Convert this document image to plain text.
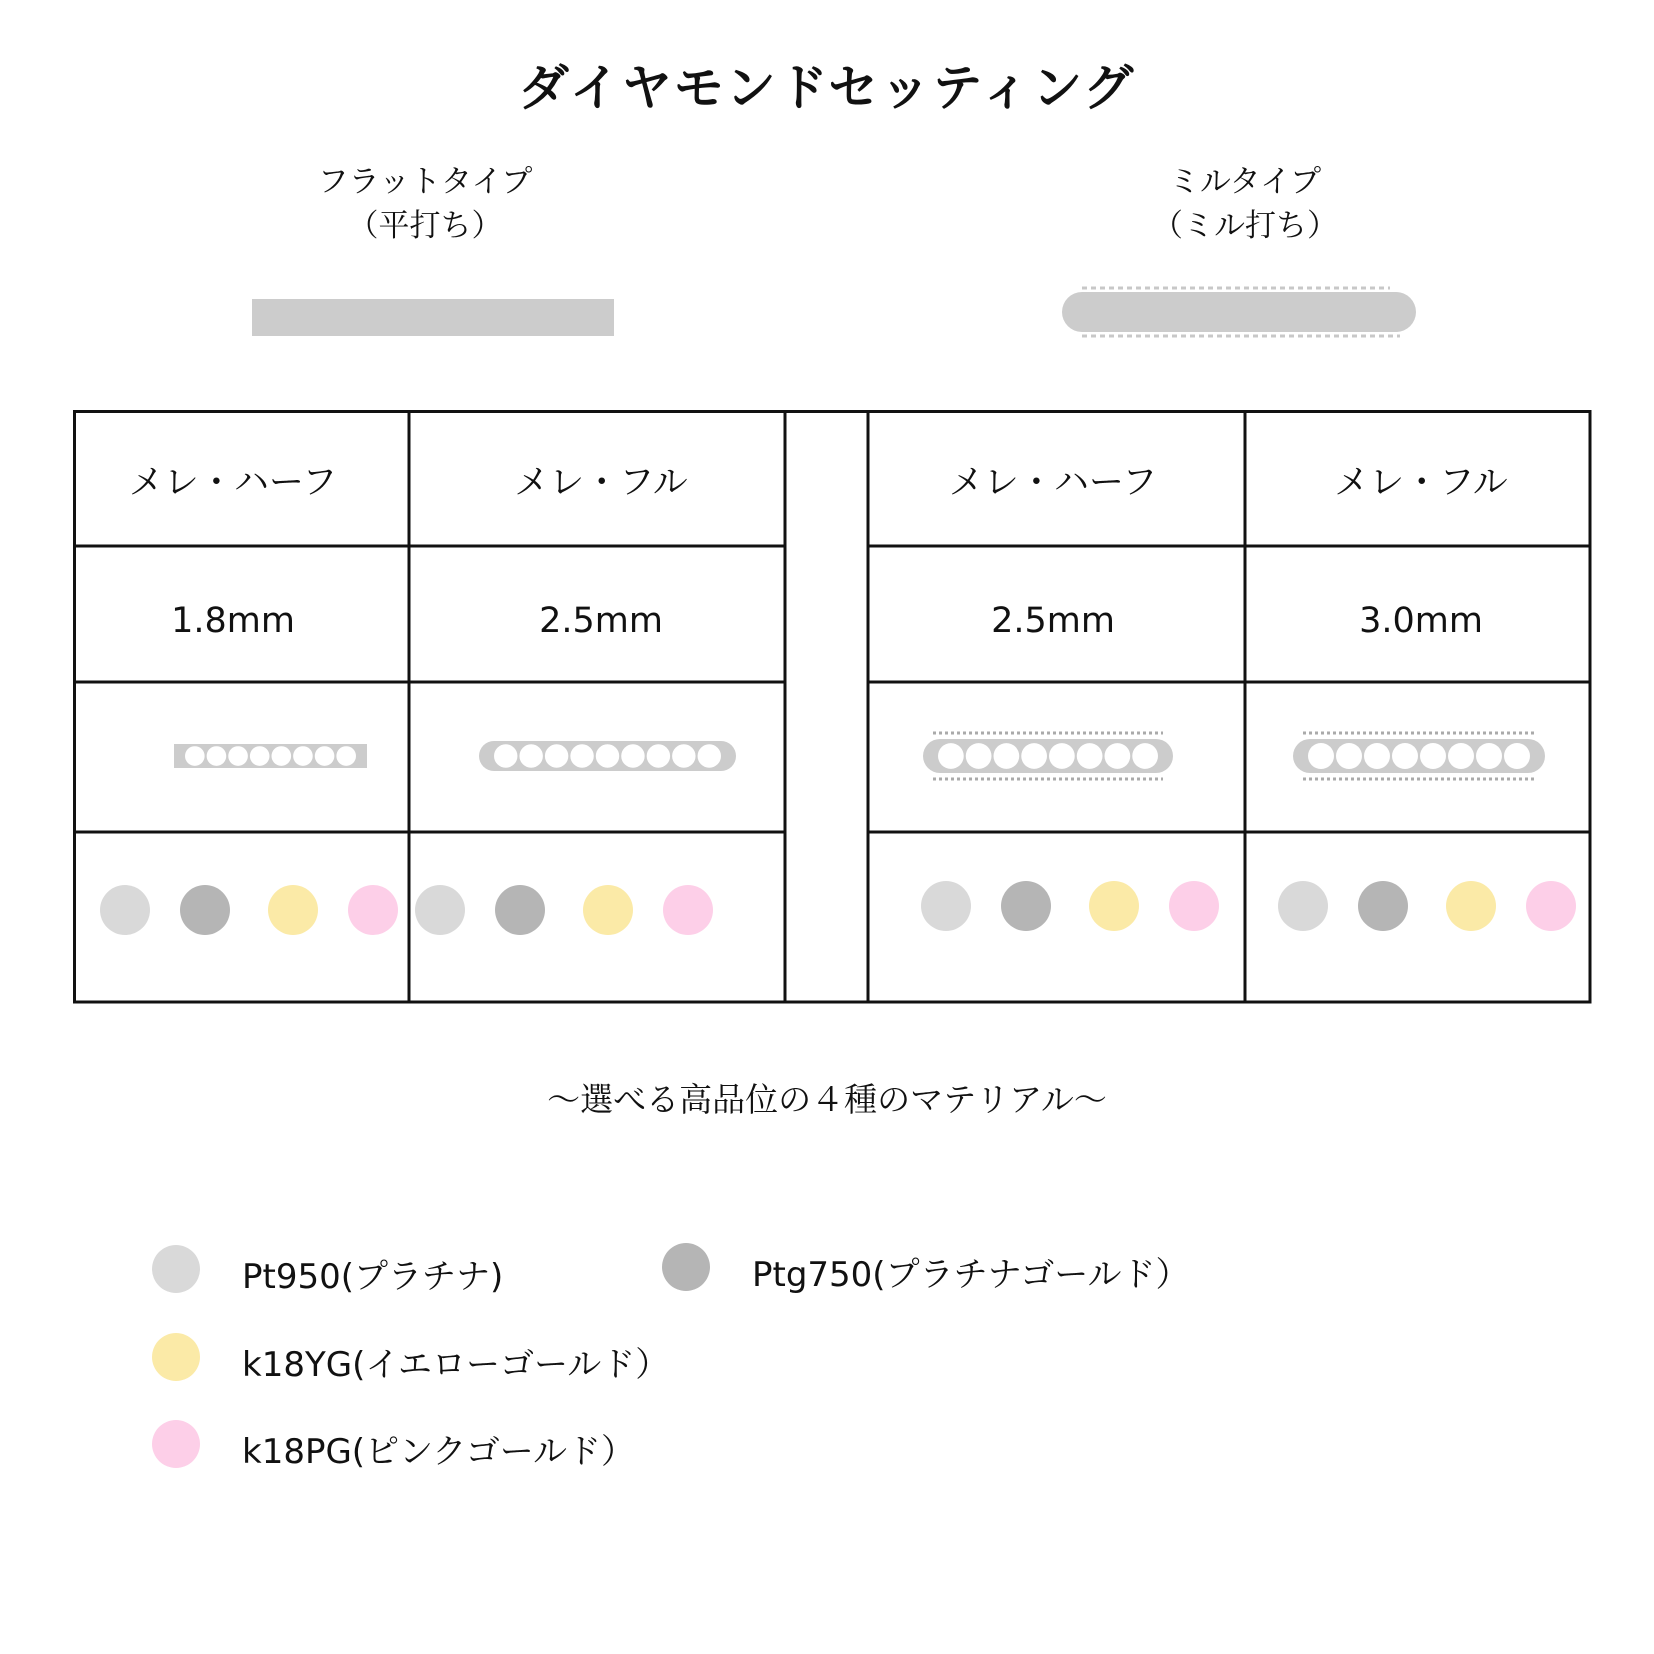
ダイヤモンドセッティング
フラットタイプ
（平打ち）
ミルタイプ
（ミル打ち）
メレ・ハーフ
1.8mm
メレ・フル
2.5mm
メレ・ハーフ
2.5mm
メレ・フル
3.0mm
～選べる高品位の４種のマテリアル～
Pt950(プラチナ)	Ptg750(プラチナゴールド）
k18YG(イエローゴールド）
k18PG(ピンクゴールド）
